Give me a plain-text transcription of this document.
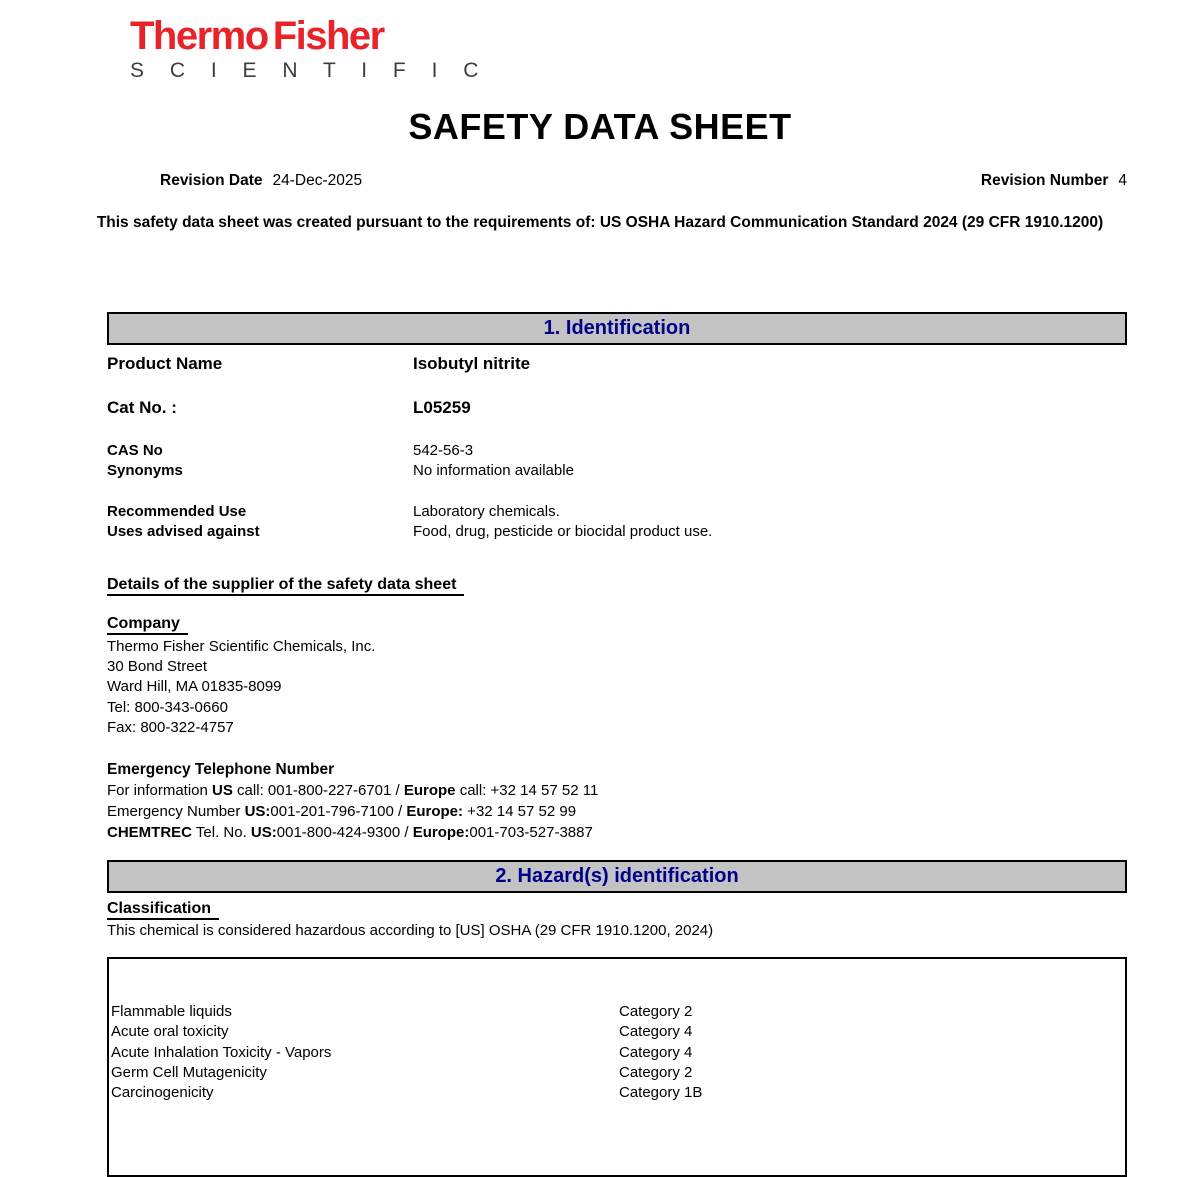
Thermo Fisher
S C I E N T I F I C
SAFETY DATA SHEET
Revision Date 24-Dec-2025	Revision Number 4
This safety data sheet was created pursuant to the requirements of: US OSHA Hazard Communication Standard 2024 (29 CFR 1910.1200)
1. Identification
Product Name	Isobutyl nitrite
Cat No. :	L05259
CAS No	542-56-3
Synonyms	No information available
Recommended Use	Laboratory chemicals.
Uses advised against	Food, drug, pesticide or biocidal product use.
Details of the supplier of the safety data sheet
Company
Thermo Fisher Scientific Chemicals, Inc.
30 Bond Street
Ward Hill, MA 01835-8099
Tel: 800-343-0660
Fax: 800-322-4757
Emergency Telephone Number
For information US call: 001-800-227-6701 / Europe call: +32 14 57 52 11
Emergency Number US:001-201-796-7100 / Europe: +32 14 57 52 99
CHEMTREC Tel. No. US:001-800-424-9300 / Europe:001-703-527-3887
2. Hazard(s) identification
Classification
This chemical is considered hazardous according to [US] OSHA (29 CFR 1910.1200, 2024)
Flammable liquids	Category 2
Acute oral toxicity	Category 4
Acute Inhalation Toxicity - Vapors	Category 4
Germ Cell Mutagenicity	Category 2
Carcinogenicity	Category 1B
